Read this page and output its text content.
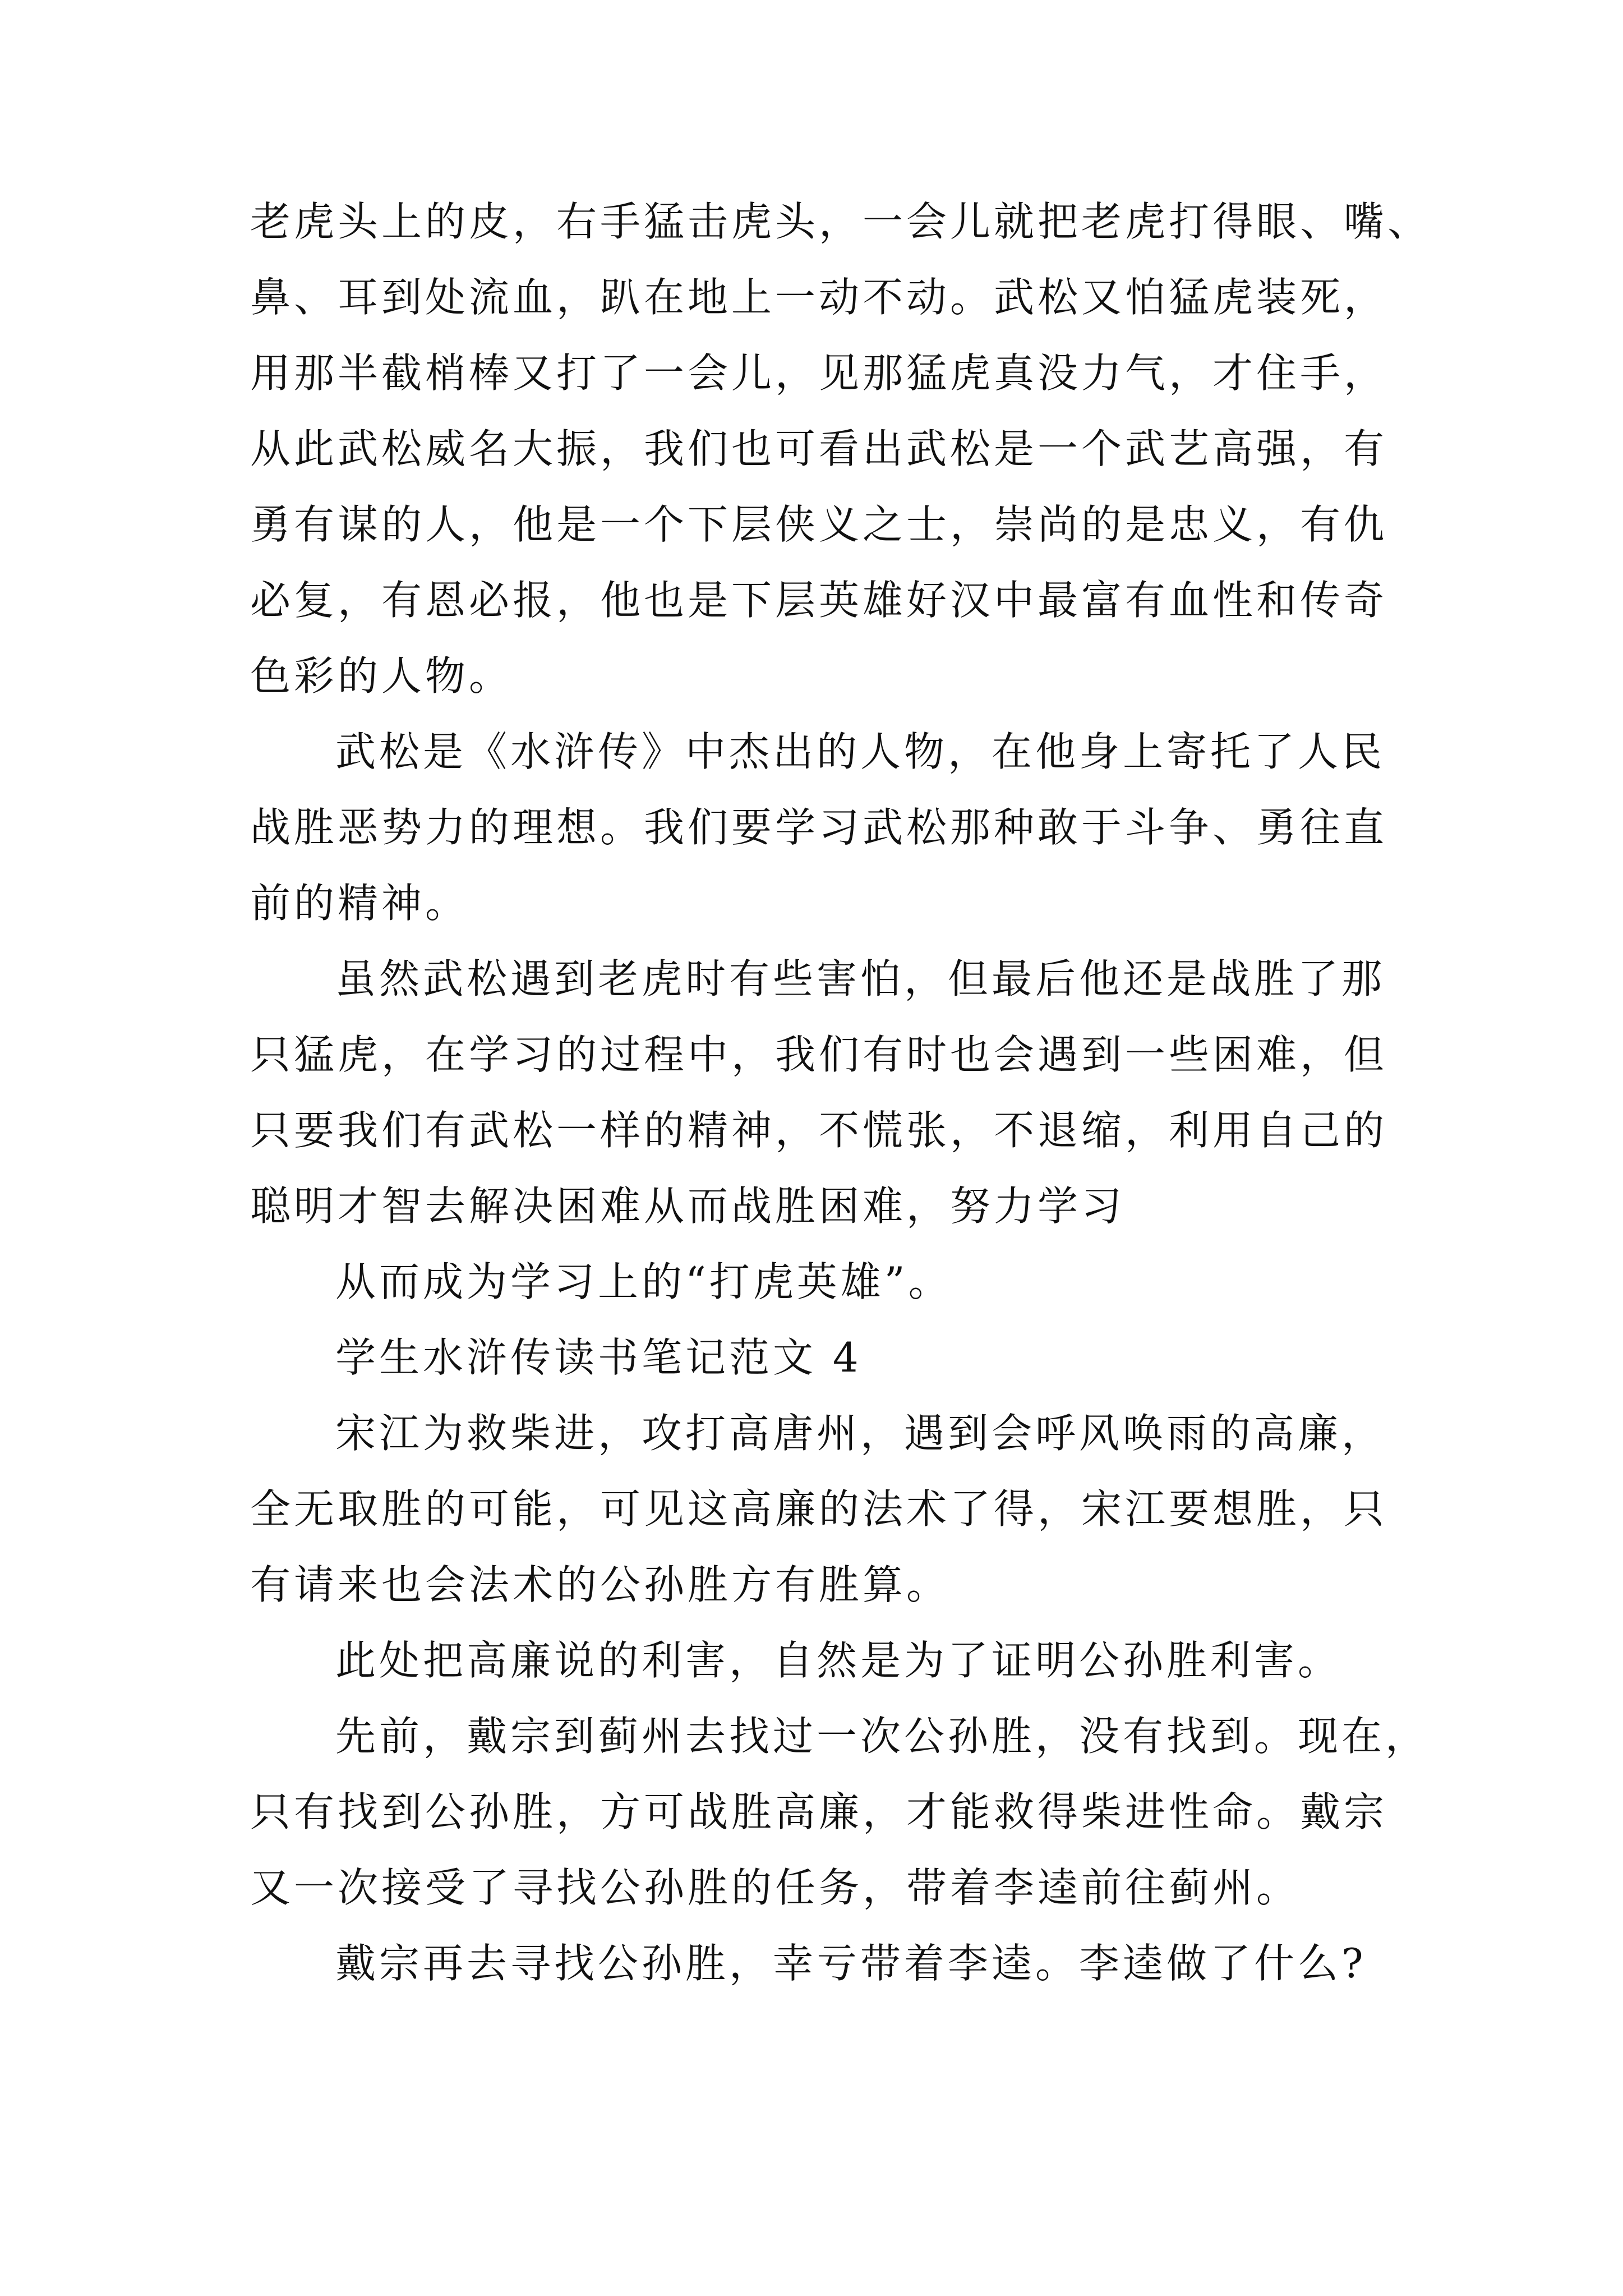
老虎头上的皮，右手猛击虎头，一会儿就把老虎打得眼、嘴、

鼻、耳到处流血，趴在地上一动不动。武松又怕猛虎装死，

用那半截梢棒又打了一会儿，见那猛虎真没力气，才住手，

从此武松威名大振，我们也可看出武松是一个武艺高强，有

勇有谋的人，他是一个下层侠义之士，崇尚的是忠义，有仇

必复，有恩必报，他也是下层英雄好汉中最富有血性和传奇

色彩的人物。

武松是《水浒传》中杰出的人物，在他身上寄托了人民

战胜恶势力的理想。我们要学习武松那种敢于斗争、勇往直

前的精神。

虽然武松遇到老虎时有些害怕，但最后他还是战胜了那

只猛虎，在学习的过程中，我们有时也会遇到一些困难，但

只要我们有武松一样的精神，不慌张，不退缩，利用自己的

聪明才智去解决困难从而战胜困难，努力学习

从而成为学习上的“打虎英雄”。

学生水浒传读书笔记范文 4

宋江为救柴进，攻打高唐州，遇到会呼风唤雨的高廉，

全无取胜的可能，可见这高廉的法术了得，宋江要想胜，只

有请来也会法术的公孙胜方有胜算。

此处把高廉说的利害，自然是为了证明公孙胜利害。

先前，戴宗到蓟州去找过一次公孙胜，没有找到。现在，

只有找到公孙胜，方可战胜高廉，才能救得柴进性命。戴宗

又一次接受了寻找公孙胜的任务，带着李逵前往蓟州。

戴宗再去寻找公孙胜，幸亏带着李逵。李逵做了什么?
